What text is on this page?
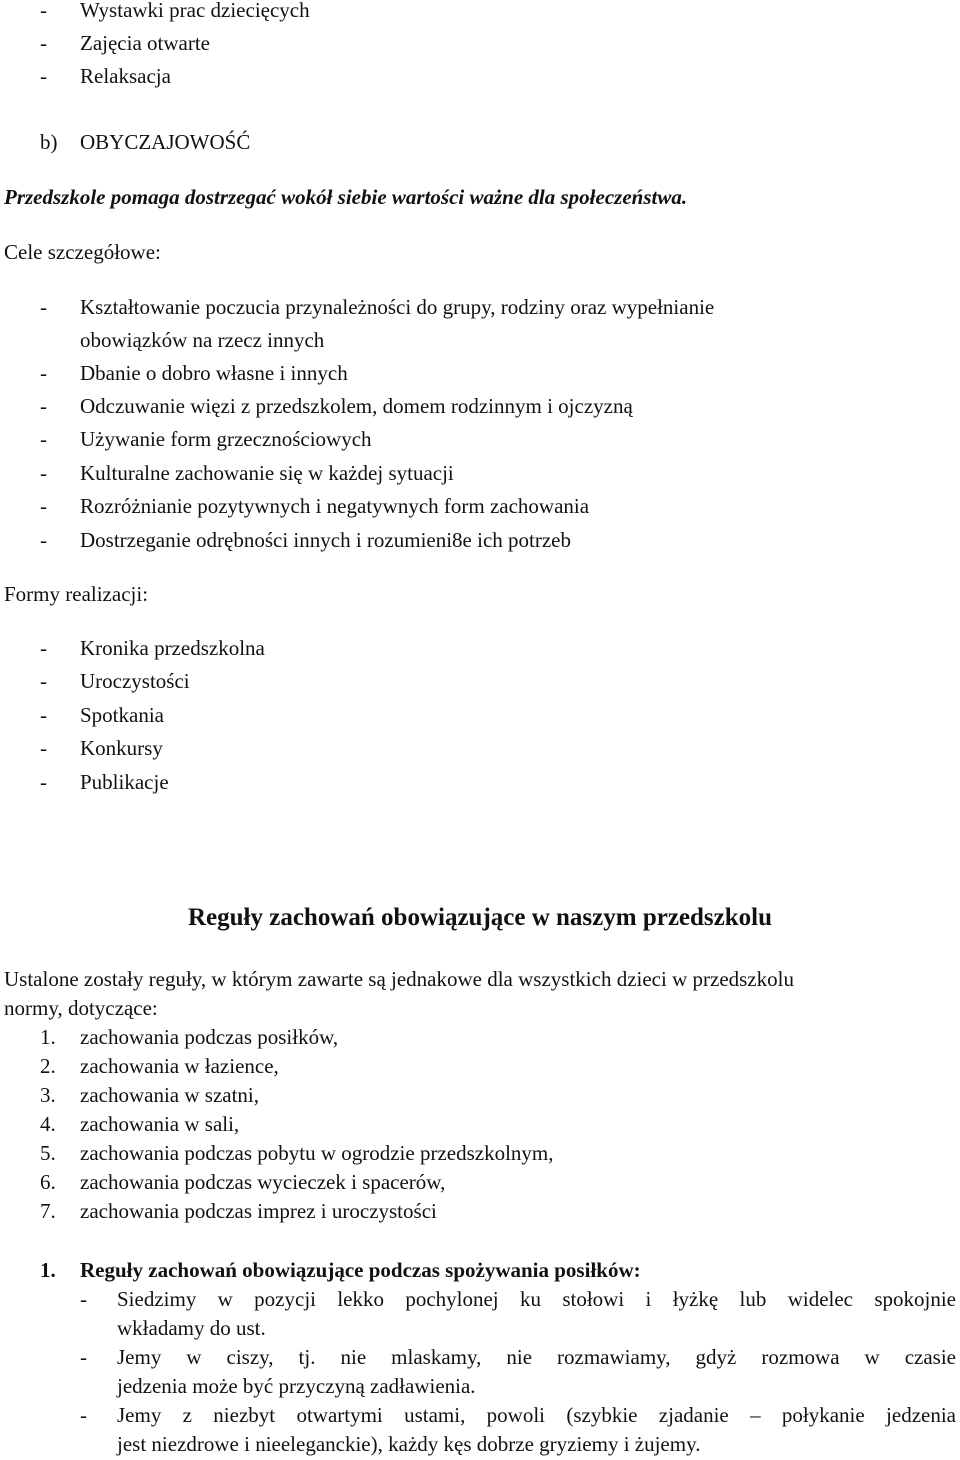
- Wystawki prac dziecięcych
- Zajęcia otwarte
- Relaksacja
b) OBYCZAJOWOŚĆ
Przedszkole pomaga dostrzegać wokół siebie wartości ważne dla społeczeństwa.
Cele szczegółowe:
- Kształtowanie poczucia przynależności do grupy, rodziny oraz wypełnianie
obowiązków na rzecz innych
- Dbanie o dobro własne i innych
- Odczuwanie więzi z przedszkolem, domem rodzinnym i ojczyzną
- Używanie form grzecznościowych
- Kulturalne zachowanie się w każdej sytuacji
- Rozróżnianie pozytywnych i negatywnych form zachowania
- Dostrzeganie odrębności innych i rozumieni8e ich potrzeb
Formy realizacji:
- Kronika przedszkolna
- Uroczystości
- Spotkania
- Konkursy
- Publikacje
Reguły zachowań obowiązujące w naszym przedszkolu
Ustalone zostały reguły, w którym zawarte są jednakowe dla wszystkich dzieci w przedszkolu
normy, dotyczące:
1. zachowania podczas posiłków,
2. zachowania w łazience,
3. zachowania w szatni,
4. zachowania w sali,
5. zachowania podczas pobytu w ogrodzie przedszkolnym,
6. zachowania podczas wycieczek i spacerów,
7. zachowania podczas imprez i uroczystości
1. Reguły zachowań obowiązujące podczas spożywania posiłków:
- Siedzimy w pozycji lekko pochylonej ku stołowi i łyżkę lub widelec spokojnie
wkładamy do ust.
- Jemy w ciszy, tj. nie mlaskamy, nie rozmawiamy, gdyż rozmowa w czasie
jedzenia może być przyczyną zadławienia.
- Jemy z niezbyt otwartymi ustami, powoli (szybkie zjadanie – połykanie jedzenia
jest niezdrowe i nieeleganckie), każdy kęs dobrze gryziemy i żujemy.
